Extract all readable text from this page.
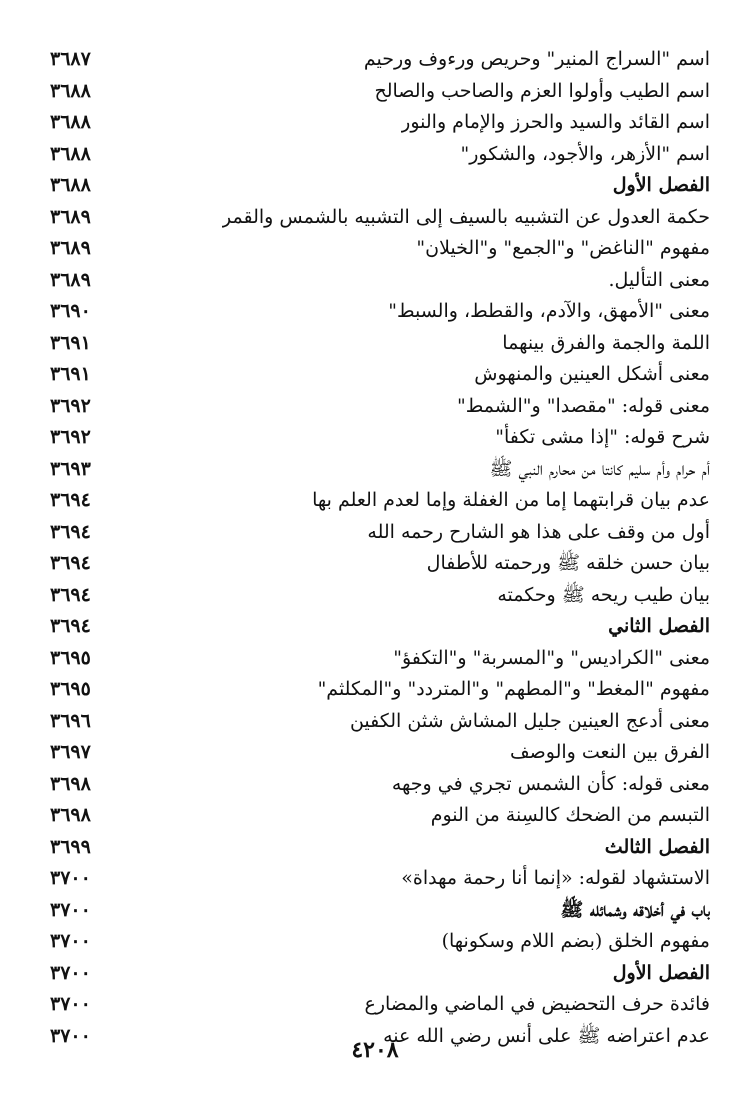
اسم "السراج المنير" وحريص ورءوف ورحيم
٣٦٨٧
اسم الطيب وأولوا العزم والصاحب والصالح
٣٦٨٨
اسم القائد والسيد والحرز والإمام والنور
٣٦٨٨
اسم "الأزهر، والأجود، والشكور"
٣٦٨٨
الفصل الأول
٣٦٨٨
حكمة العدول عن التشبيه بالسيف إلى التشبيه بالشمس والقمر
٣٦٨٩
مفهوم "الناغض" و"الجمع" و"الخيلان"
٣٦٨٩
معنى التأليل.
٣٦٨٩
معنى "الأمهق، والآدم، والقطط، والسبط"
٣٦٩٠
اللمة والجمة والفرق بينهما
٣٦٩١
معنى أشكل العينين والمنهوش
٣٦٩١
معنى قوله: "مقصدا" و"الشمط"
٣٦٩٢
شرح قوله: "إذا مشى تكفأ"
٣٦٩٢
أم حرام وأم سليم كانتا من محارم النبي ﷺ
٣٦٩٣
عدم بيان قرابتهما إما من الغفلة وإما لعدم العلم بها
٣٦٩٤
أول من وقف على هذا هو الشارح رحمه الله
٣٦٩٤
بيان حسن خلقه ﷺ ورحمته للأطفال
٣٦٩٤
بيان طيب ريحه ﷺ وحكمته
٣٦٩٤
الفصل الثاني
٣٦٩٤
معنى "الكراديس" و"المسربة" و"التكفؤ"
٣٦٩٥
مفهوم "المغط" و"المطهم" و"المتردد" و"المكلثم"
٣٦٩٥
معنى أدعج العينين جليل المشاش شثن الكفين
٣٦٩٦
الفرق بين النعت والوصف
٣٦٩٧
معنى قوله: كأن الشمس تجري في وجهه
٣٦٩٨
التبسم من الضحك كالسِنة من النوم
٣٦٩٨
الفصل الثالث
٣٦٩٩
الاستشهاد لقوله: «إنما أنا رحمة مهداة»
٣٧٠٠
باب في أخلاقه وشمائله ﷺ
٣٧٠٠
مفهوم الخلق (بضم اللام وسكونها)
٣٧٠٠
الفصل الأول
٣٧٠٠
فائدة حرف التحضيض في الماضي والمضارع
٣٧٠٠
عدم اعتراضه ﷺ على أنس رضي الله عنه
٣٧٠٠
٤٢٠٨
